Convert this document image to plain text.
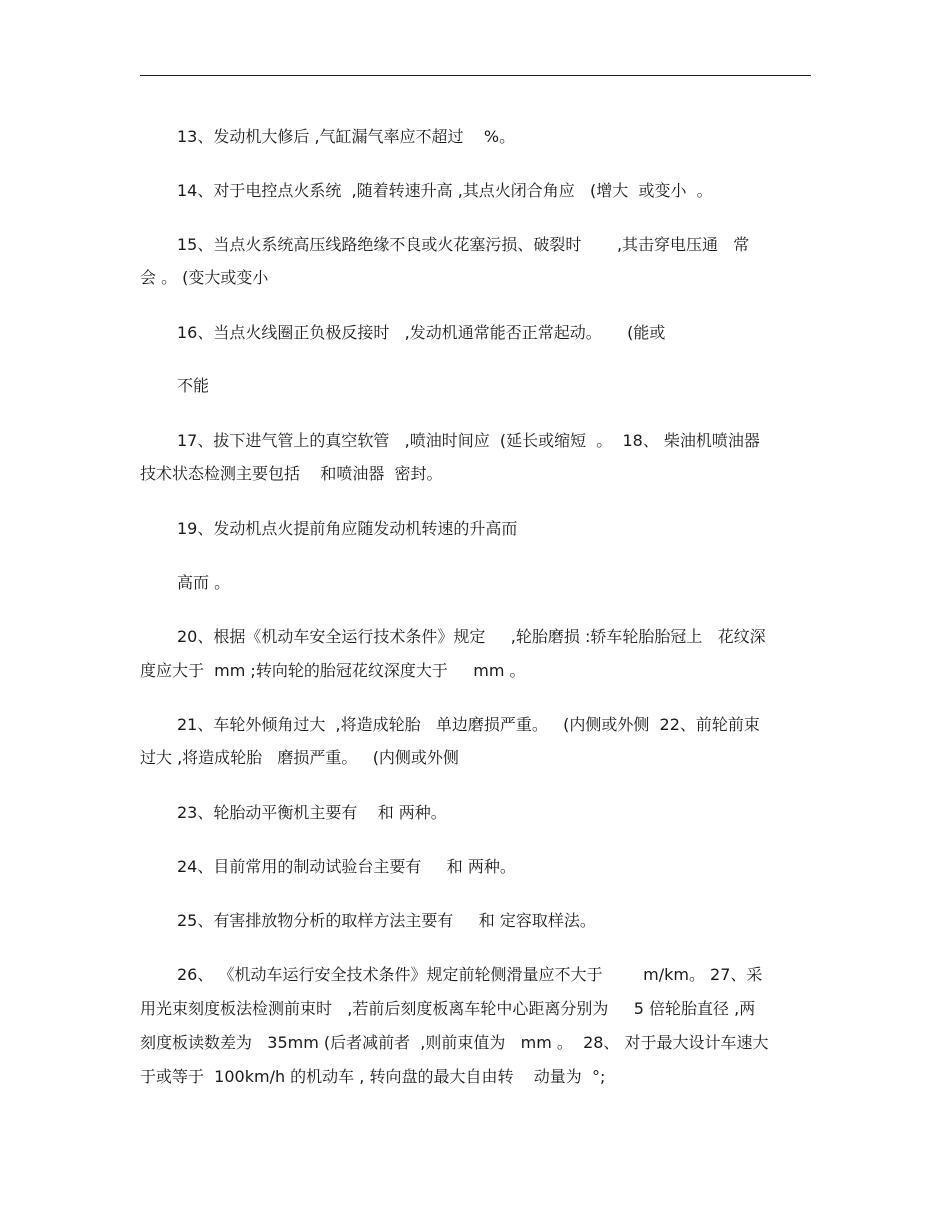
13、发动机大修后 ,气缸漏气率应不超过    %。
14、对于电控点火系统  ,随着转速升高 ,其点火闭合角应   (增大  或变小  。
15、当点火系统高压线路绝缘不良或火花塞污损、破裂时       ,其击穿电压通   常
会 。 (变大或变小
16、当点火线圈正负极反接时   ,发动机通常能否正常起动。     (能或
不能
17、拔下进气管上的真空软管   ,喷油时间应  (延长或缩短  。  18、 柴油机喷油器
技术状态检测主要包括    和喷油器  密封。
19、发动机点火提前角应随发动机转速的升高而
高而 。
20、根据《机动车安全运行技术条件》规定     ,轮胎磨损 :轿车轮胎胎冠上   花纹深
度应大于  mm ;转向轮的胎冠花纹深度大于     mm 。
21、车轮外倾角过大  ,将造成轮胎   单边磨损严重。   (内侧或外侧  22、前轮前束
过大 ,将造成轮胎   磨损严重。   (内侧或外侧
23、轮胎动平衡机主要有    和 两种。
24、目前常用的制动试验台主要有     和 两种。
25、有害排放物分析的取样方法主要有     和 定容取样法。
26、 《机动车运行安全技术条件》规定前轮侧滑量应不大于        m/km。 27、采
用光束刻度板法检测前束时   ,若前后刻度板离车轮中心距离分别为     5 倍轮胎直径 ,两
刻度板读数差为   35mm (后者减前者  ,则前束值为   mm 。  28、 对于最大设计车速大
于或等于  100km/h 的机动车 , 转向盘的最大自由转    动量为  °;
